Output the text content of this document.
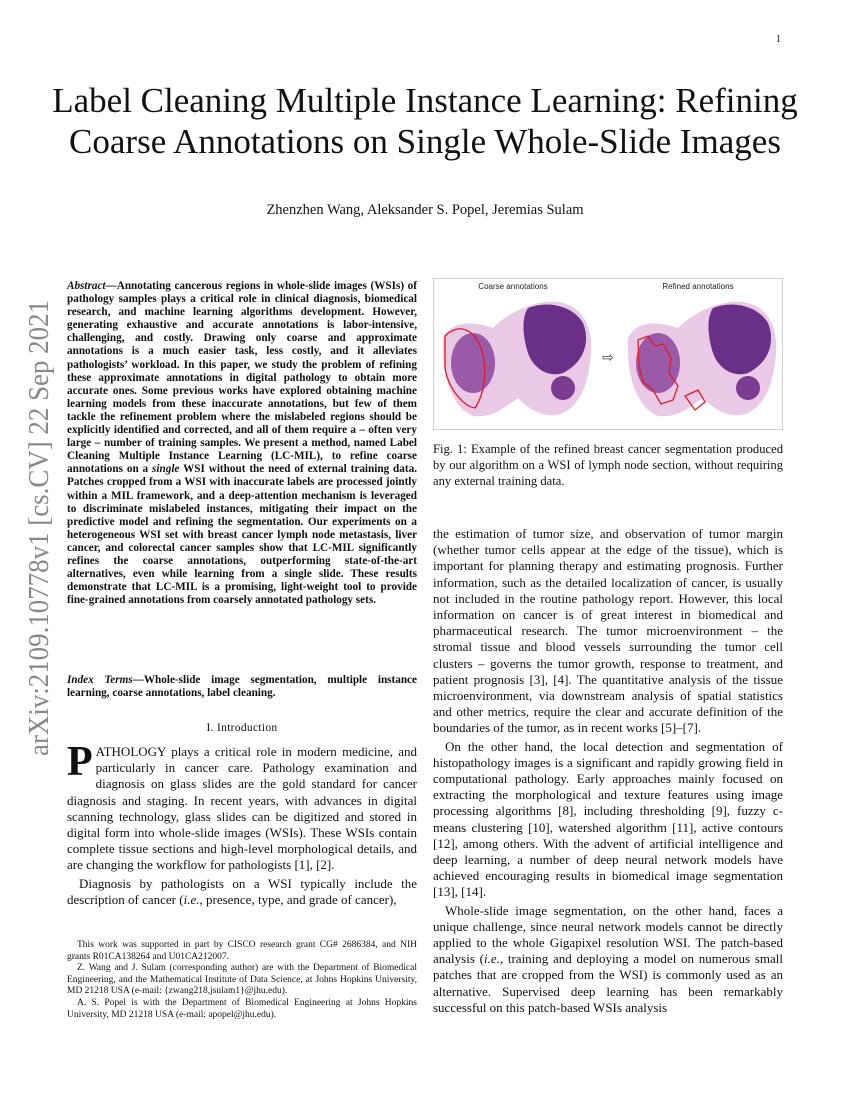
1
arXiv:2109.10778v1 [cs.CV] 22 Sep 2021
Label Cleaning Multiple Instance Learning: Refining Coarse Annotations on Single Whole-Slide Images
Zhenzhen Wang, Aleksander S. Popel, Jeremias Sulam
Abstract—Annotating cancerous regions in whole-slide images (WSIs) of pathology samples plays a critical role in clinical diagnosis, biomedical research, and machine learning algorithms development. However, generating exhaustive and accurate annotations is labor-intensive, challenging, and costly. Drawing only coarse and approximate annotations is a much easier task, less costly, and it alleviates pathologists’ workload. In this paper, we study the problem of refining these approximate annotations in digital pathology to obtain more accurate ones. Some previous works have explored obtaining machine learning models from these inaccurate annotations, but few of them tackle the refinement problem where the mislabeled regions should be explicitly identified and corrected, and all of them require a – often very large – number of training samples. We present a method, named Label Cleaning Multiple Instance Learning (LC-MIL), to refine coarse annotations on a single WSI without the need of external training data. Patches cropped from a WSI with inaccurate labels are processed jointly within a MIL framework, and a deep-attention mechanism is leveraged to discriminate mislabeled instances, mitigating their impact on the predictive model and refining the segmentation. Our experiments on a heterogeneous WSI set with breast cancer lymph node metastasis, liver cancer, and colorectal cancer samples show that LC-MIL significantly refines the coarse annotations, outperforming state-of-the-art alternatives, even while learning from a single slide. These results demonstrate that LC-MIL is a promising, light-weight tool to provide fine-grained annotations from coarsely annotated pathology sets.
Index Terms—Whole-slide image segmentation, multiple instance learning, coarse annotations, label cleaning.
I. Introduction

PATHOLOGY plays a critical role in modern medicine, and particularly in cancer care. Pathology examination and diagnosis on glass slides are the gold standard for cancer diagnosis and staging. In recent years, with advances in digital scanning technology, glass slides can be digitized and stored in digital form into whole-slide images (WSIs). These WSIs contain complete tissue sections and high-level morphological details, and are changing the workflow for pathologists [1], [2].

Diagnosis by pathologists on a WSI typically include the description of cancer (i.e., presence, type, and grade of cancer),

This work was supported in part by CISCO research grant CG# 2686384, and NIH grants R01CA138264 and U01CA212007.

Z. Wang and J. Sulam (corresponding author) are with the Department of Biomedical Engineering, and the Mathematical Institute of Data Science, at Johns Hopkins University, MD 21218 USA (e-mail: {zwang218,jsulam1}@jhu.edu).

A. S. Popel is with the Department of Biomedical Engineering at Johns Hopkins University, MD 21218 USA (e-mail: apopel@jhu.edu).

Coarse annotations	Refined annotations
⇨
Fig. 1: Example of the refined breast cancer segmentation produced by our algorithm on a WSI of lymph node section, without requiring any external training data.

the estimation of tumor size, and observation of tumor margin (whether tumor cells appear at the edge of the tissue), which is important for planning therapy and estimating prognosis. Further information, such as the detailed localization of cancer, is usually not included in the routine pathology report. However, this local information on cancer is of great interest in biomedical and pharmaceutical research. The tumor microenvironment – the stromal tissue and blood vessels surrounding the tumor cell clusters – governs the tumor growth, response to treatment, and patient prognosis [3], [4]. The quantitative analysis of the tissue microenvironment, via downstream analysis of spatial statistics and other metrics, require the clear and accurate definition of the boundaries of the tumor, as in recent works [5]–[7].

On the other hand, the local detection and segmentation of histopathology images is a significant and rapidly growing field in computational pathology. Early approaches mainly focused on extracting the morphological and texture features using image processing algorithms [8], including thresholding [9], fuzzy c-means clustering [10], watershed algorithm [11], active contours [12], among others. With the advent of artificial intelligence and deep learning, a number of deep neural network models have achieved encouraging results in biomedical image segmentation [13], [14].

Whole-slide image segmentation, on the other hand, faces a unique challenge, since neural network models cannot be directly applied to the whole Gigapixel resolution WSI. The patch-based analysis (i.e., training and deploying a model on numerous small patches that are cropped from the WSI) is commonly used as an alternative. Supervised deep learning has been remarkably successful on this patch-based WSIs analysis
